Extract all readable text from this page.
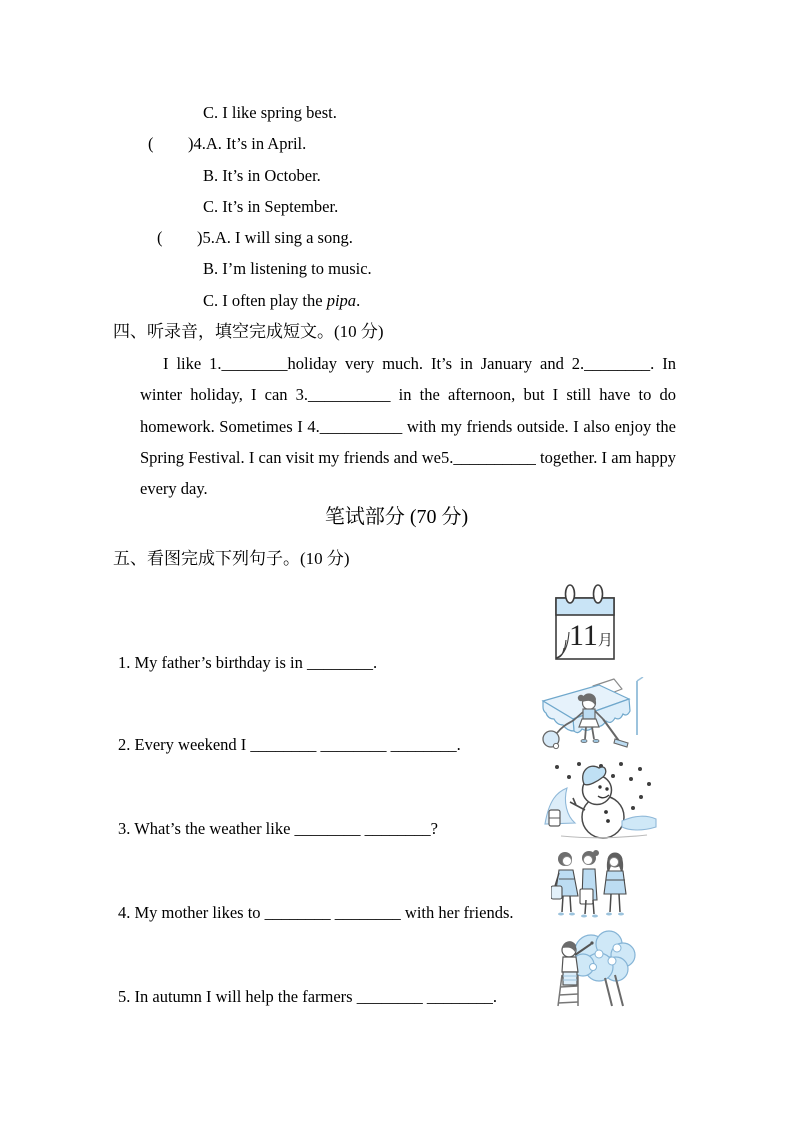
C. I like spring best.
( )4.A. It’s in April.
B. It’s in October.
C. It’s in September.
( )5.A. I will sing a song.
B. I’m listening to music.
C. I often play the pipa.
四、听录音，填空完成短文。(10 分)
I like 1.________holiday very much. It’s in January and 2.________. In
winter holiday, I can 3.__________ in the afternoon, but I still have to do
homework. Sometimes I 4.__________ with my friends outside. I also enjoy the
Spring Festival. I can visit my friends and we5.__________ together. I am happy
every day.
笔试部分 (70 分)
五、看图完成下列句子。(10 分)
1. My father’s birthday is in ________.
2. Every weekend I ________ ________ ________.
3. What’s the weather like ________ ________?
4. My mother likes to ________ ________ with her friends.
5. In autumn I will help the farmers ________ ________.
11月
